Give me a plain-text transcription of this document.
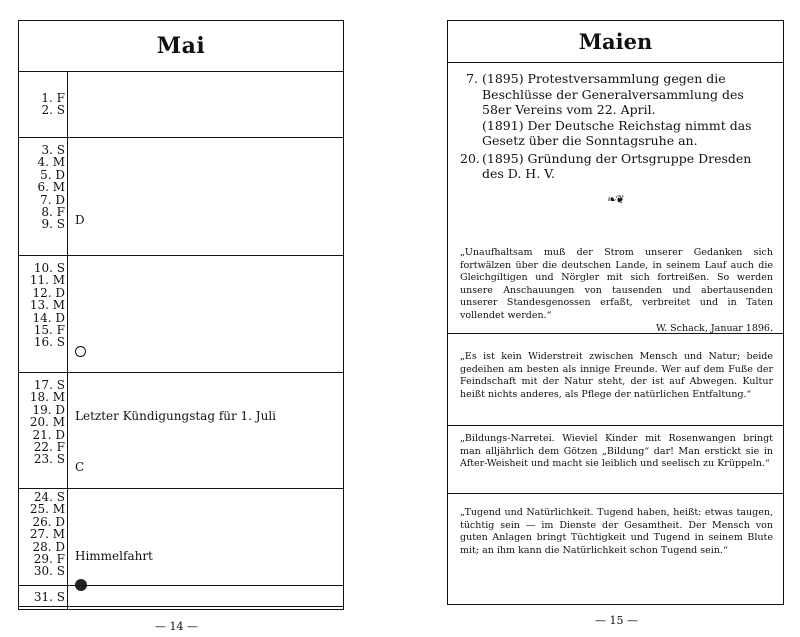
Mai
1. F
2. S
3. S
4. M
5. D
6. M
7. D
8. F
9. S D
10. S
11. M
12. D
13. M
14. D
15. F
16. S
17. S
18. M
19. D
20. M
21. D
22. F
23. S
Letzter Kündigungstag für 1. Juli
C
24. S
25. M
26. D
27. M
28. D
29. F
30. S
Himmelfahrt
31. S
— 14 —
Maien
7. (1895) Protestversammlung gegen die Beschlüsse der Generalversammlung des 58er Vereins vom 22. April.
(1891) Der Deutsche Reichstag nimmt das Gesetz über die Sonntagsruhe an.
20. (1895) Gründung der Ortsgruppe Dresden des D. H. V.
❧❦
„Unaufhaltsam muß der Strom unserer Gedanken sich fortwälzen über die deutschen Lande, in seinem Lauf auch die Gleichgiltigen und Nörgler mit sich fortreißen. So werden unsere Anschauungen von tausenden und abertausenden unserer Standesgenossen erfaßt, verbreitet und in Taten vollendet werden.“
W. Schack, Januar 1896.
„Es ist kein Widerstreit zwischen Mensch und Natur; beide gedeihen am besten als innige Freunde. Wer auf dem Fuße der Feindschaft mit der Natur steht, der ist auf Abwegen. Kultur heißt nichts anderes, als Pflege der natürlichen Entfaltung.“
„Bildungs-Narretei. Wieviel Kinder mit Rosenwangen bringt man alljährlich dem Götzen „Bildung“ dar! Man erstickt sie in After-Weisheit und macht sie leiblich und seelisch zu Krüppeln.“
„Tugend und Natürlichkeit. Tugend haben, heißt: etwas taugen, tüchtig sein — im Dienste der Gesamtheit. Der Mensch von guten Anlagen bringt Tüchtigkeit und Tugend in seinem Blute mit; an ihm kann die Natürlichkeit schon Tugend sein.“
— 15 —
